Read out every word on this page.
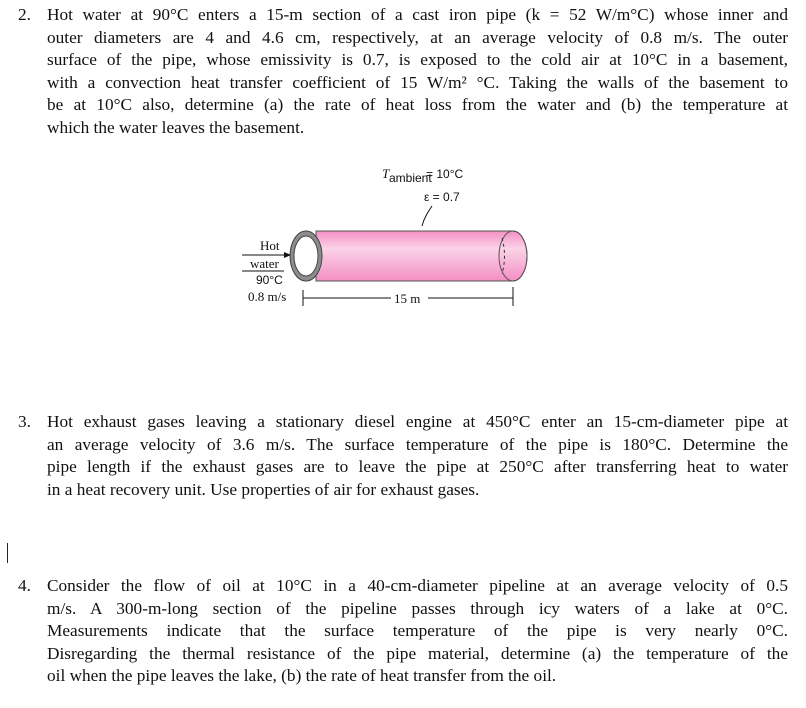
2. Hot water at 90°C enters a 15-m section of a cast iron pipe (k = 52 W/m°C) whose inner and
outer diameters are 4 and 4.6 cm, respectively, at an average velocity of 0.8 m/s. The outer
surface of the pipe, whose emissivity is 0.7, is exposed to the cold air at 10°C in a basement,
with a convection heat transfer coefficient of 15 W/m² °C. Taking the walls of the basement to
be at 10°C also, determine (a) the rate of heat loss from the water and (b) the temperature at
which the water leaves the basement.
T ambient
= 10°C
ε = 0.7
Hot
water
90°C
0.8 m/s	15 m
3. Hot exhaust gases leaving a stationary diesel engine at 450°C enter an 15-cm-diameter pipe at
an average velocity of 3.6 m/s. The surface temperature of the pipe is 180°C. Determine the
pipe length if the exhaust gases are to leave the pipe at 250°C after transferring heat to water
in a heat recovery unit. Use properties of air for exhaust gases.
4. Consider the flow of oil at 10°C in a 40-cm-diameter pipeline at an average velocity of 0.5
m/s. A 300-m-long section of the pipeline passes through icy waters of a lake at 0°C.
Measurements indicate that the surface temperature of the pipe is very nearly 0°C.
Disregarding the thermal resistance of the pipe material, determine (a) the temperature of the
oil when the pipe leaves the lake, (b) the rate of heat transfer from the oil.
